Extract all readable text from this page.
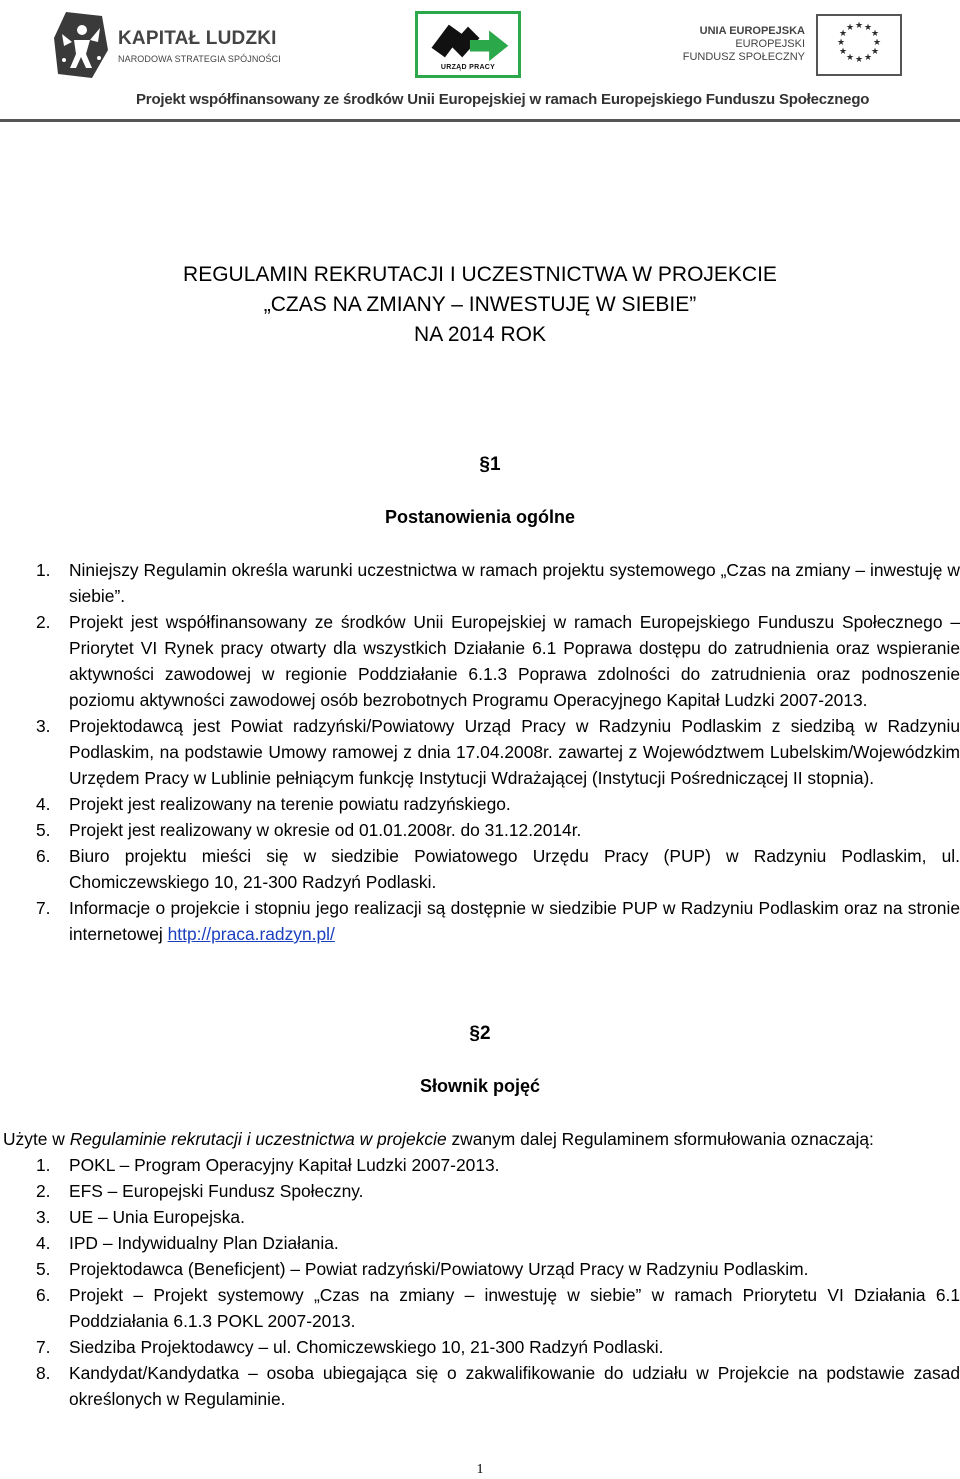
KAPITAŁ LUDZKI
NARODOWA STRATEGIA SPÓJNOŚCI
URZĄD PRACY
UNIA EUROPEJSKA
EUROPEJSKI
FUNDUSZ SPOŁECZNY
★ ★
★
★
★
★
★
★
★
★
★
★
Projekt współfinansowany ze środków Unii Europejskiej w ramach Europejskiego Funduszu Społecznego
REGULAMIN REKRUTACJI I UCZESTNICTWA W PROJEKCIE
„CZAS NA ZMIANY – INWESTUJĘ W SIEBIE”
NA 2014 ROK
§1
Postanowienia ogólne
1. Niniejszy Regulamin określa warunki uczestnictwa w ramach projektu systemowego „Czas na zmiany – inwestuję w siebie”.
2. Projekt jest współfinansowany ze środków Unii Europejskiej w ramach Europejskiego Funduszu Społecznego – Priorytet VI Rynek pracy otwarty dla wszystkich Działanie 6.1 Poprawa dostępu do zatrudnienia oraz wspieranie aktywności zawodowej w regionie Poddziałanie 6.1.3 Poprawa zdolności do zatrudnienia oraz podnoszenie poziomu aktywności zawodowej osób bezrobotnych Programu Operacyjnego Kapitał Ludzki 2007-2013.
3. Projektodawcą jest Powiat radzyński/Powiatowy Urząd Pracy w Radzyniu Podlaskim z siedzibą w Radzyniu Podlaskim, na podstawie Umowy ramowej z dnia 17.04.2008r. zawartej z Województwem Lubelskim/Wojewódzkim Urzędem Pracy w Lublinie pełniącym funkcję Instytucji Wdrażającej (Instytucji Pośredniczącej II stopnia).
4. Projekt jest realizowany na terenie powiatu radzyńskiego.
5. Projekt jest realizowany w okresie od 01.01.2008r. do 31.12.2014r.
6. Biuro projektu mieści się w siedzibie Powiatowego Urzędu Pracy (PUP) w Radzyniu Podlaskim, ul. Chomiczewskiego 10, 21-300 Radzyń Podlaski.
7. Informacje o projekcie i stopniu jego realizacji są dostępnie w siedzibie PUP w Radzyniu Podlaskim oraz na stronie internetowej http://praca.radzyn.pl/
§2
Słownik pojęć
Użyte w Regulaminie rekrutacji i uczestnictwa w projekcie zwanym dalej Regulaminem sformułowania oznaczają:
1. POKL – Program Operacyjny Kapitał Ludzki 2007-2013.
2. EFS – Europejski Fundusz Społeczny.
3. UE – Unia Europejska.
4. IPD – Indywidualny Plan Działania.
5. Projektodawca (Beneficjent) – Powiat radzyński/Powiatowy Urząd Pracy w Radzyniu Podlaskim.
6. Projekt – Projekt systemowy „Czas na zmiany – inwestuję w siebie” w ramach Priorytetu VI Działania 6.1 Poddziałania 6.1.3 POKL 2007-2013.
7. Siedziba Projektodawcy – ul. Chomiczewskiego 10, 21-300 Radzyń Podlaski.
8. Kandydat/Kandydatka – osoba ubiegająca się o zakwalifikowanie do udziału w Projekcie na podstawie zasad określonych w Regulaminie.
1
